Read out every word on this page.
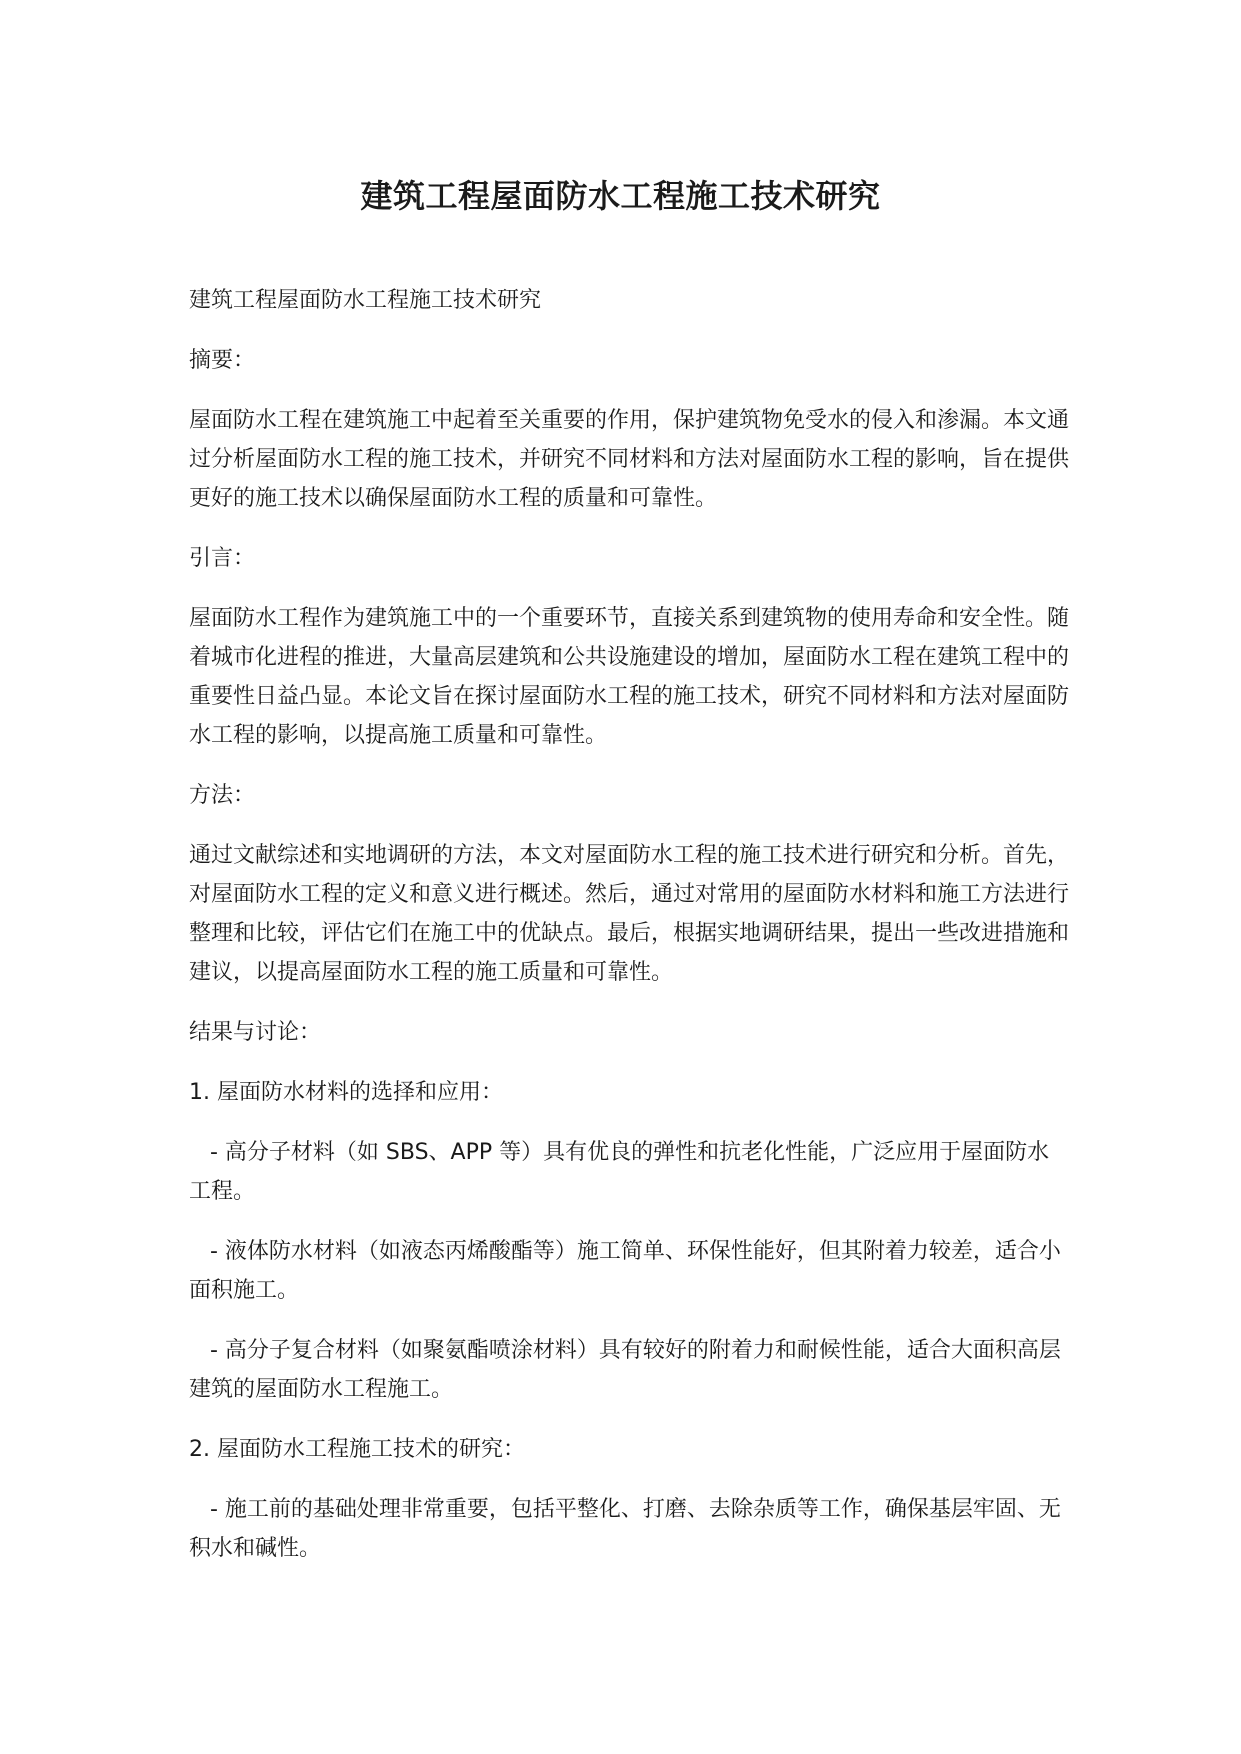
建筑工程屋面防水工程施工技术研究

建筑工程屋面防水工程施工技术研究

摘要：

屋面防水工程在建筑施工中起着至关重要的作用，保护建筑物免受水的侵入和渗漏。本文通过分析屋面防水工程的施工技术，并研究不同材料和方法对屋面防水工程的影响，旨在提供更好的施工技术以确保屋面防水工程的质量和可靠性。

引言：

屋面防水工程作为建筑施工中的一个重要环节，直接关系到建筑物的使用寿命和安全性。随着城市化进程的推进，大量高层建筑和公共设施建设的增加，屋面防水工程在建筑工程中的重要性日益凸显。本论文旨在探讨屋面防水工程的施工技术，研究不同材料和方法对屋面防水工程的影响，以提高施工质量和可靠性。

方法：

通过文献综述和实地调研的方法，本文对屋面防水工程的施工技术进行研究和分析。首先，对屋面防水工程的定义和意义进行概述。然后，通过对常用的屋面防水材料和施工方法进行整理和比较，评估它们在施工中的优缺点。最后，根据实地调研结果，提出一些改进措施和建议，以提高屋面防水工程的施工质量和可靠性。

结果与讨论：

1. 屋面防水材料的选择和应用：

- 高分子材料（如 SBS、APP 等）具有优良的弹性和抗老化性能，广泛应用于屋面防水工程。

- 液体防水材料（如液态丙烯酸酯等）施工简单、环保性能好，但其附着力较差，适合小面积施工。

- 高分子复合材料（如聚氨酯喷涂材料）具有较好的附着力和耐候性能，适合大面积高层建筑的屋面防水工程施工。

2. 屋面防水工程施工技术的研究：

- 施工前的基础处理非常重要，包括平整化、打磨、去除杂质等工作，确保基层牢固、无积水和碱性。
